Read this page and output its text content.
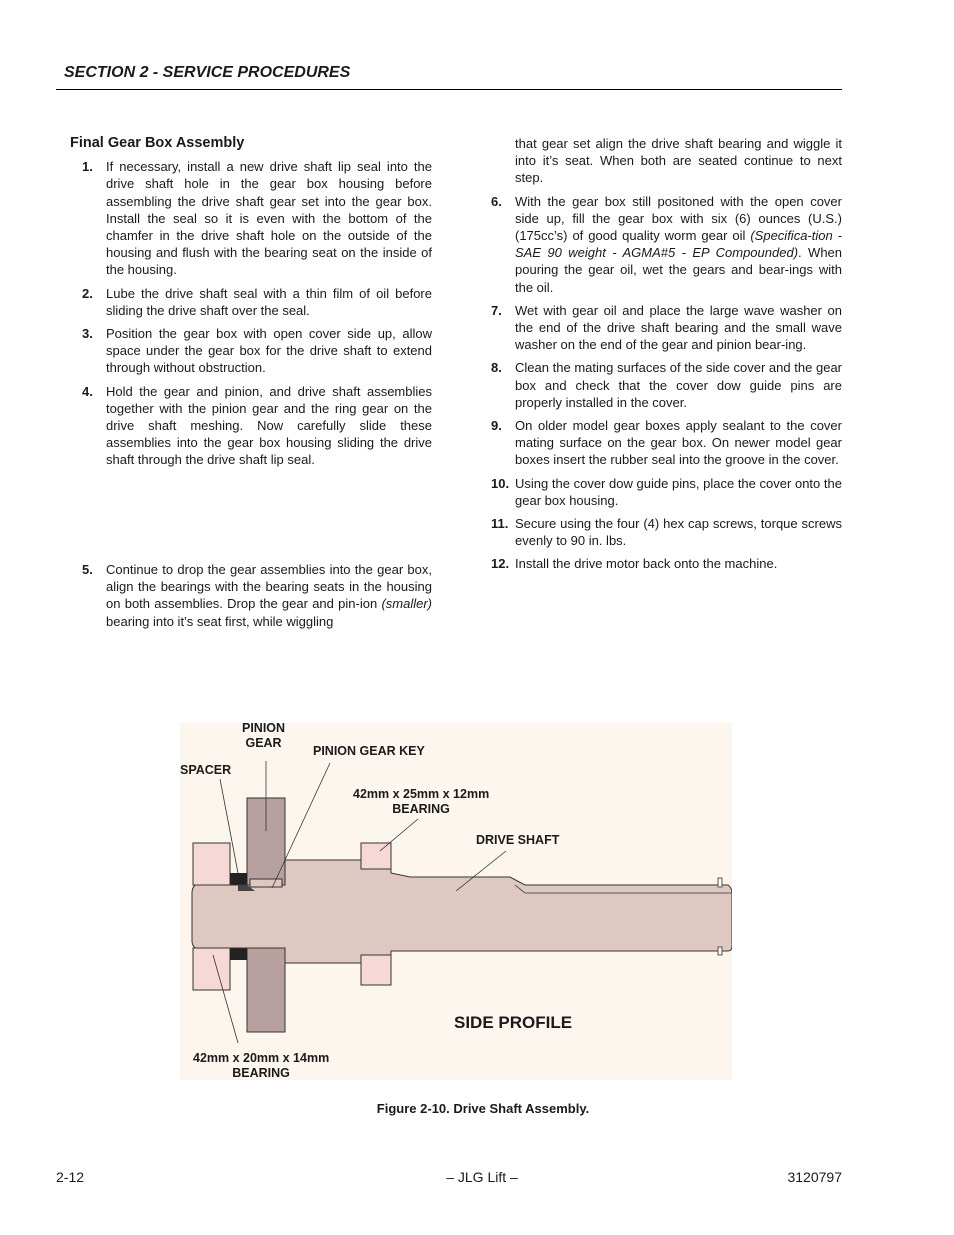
SECTION 2 - SERVICE PROCEDURES
Final Gear Box Assembly
1.	If necessary, install a new drive shaft lip seal into the drive shaft hole in the gear box housing before assembling the drive shaft gear set into the gear box. Install the seal so it is even with the bottom of the chamfer in the drive shaft hole on the outside of the housing and flush with the bearing seat on the inside of the housing.
2.	Lube the drive shaft seal with a thin film of oil before sliding the drive shaft over the seal.
3.	Position the gear box with open cover side up, allow space under the gear box for the drive shaft to extend through without obstruction.
4.	Hold the gear and pinion, and drive shaft assemblies together with the pinion gear and the ring gear on the drive shaft meshing. Now carefully slide these assemblies into the gear box housing sliding the drive shaft through the drive shaft lip seal.
5.	Continue to drop the gear assemblies into the gear box, align the bearings with the bearing seats in the housing on both assemblies. Drop the gear and pin-ion (smaller) bearing into it’s seat first, while wiggling
that gear set align the drive shaft bearing and wiggle it into it’s seat. When both are seated continue to next step.
6.	With the gear box still positoned with the open cover side up, fill the gear box with six (6) ounces (U.S.) (175cc’s) of good quality worm gear oil (Specifica-tion - SAE 90 weight - AGMA#5 - EP Compounded). When pouring the gear oil, wet the gears and bear-ings with the oil.
7.	Wet with gear oil and place the large wave washer on the end of the drive shaft bearing and the small wave washer on the end of the gear and pinion bear-ing.
8.	Clean the mating surfaces of the side cover and the gear box and check that the cover dow guide pins are properly installed in the cover.
9.	On older model gear boxes apply sealant to the cover mating surface on the gear box. On newer model gear boxes insert the rubber seal into the groove in the cover.
10. Using the cover dow guide pins, place the cover onto the gear box housing.
11. Secure using the four (4) hex cap screws, torque screws evenly to 90 in. lbs.
12. Install the drive motor back onto the machine.
PINION
GEAR
PINION GEAR KEY
SPACER
42mm x 25mm x 12mm
BEARING
DRIVE SHAFT
42mm x 20mm x 14mm
BEARING
SIDE PROFILE
Figure 2-10. Drive Shaft Assembly.
2-12	– JLG Lift –	3120797
